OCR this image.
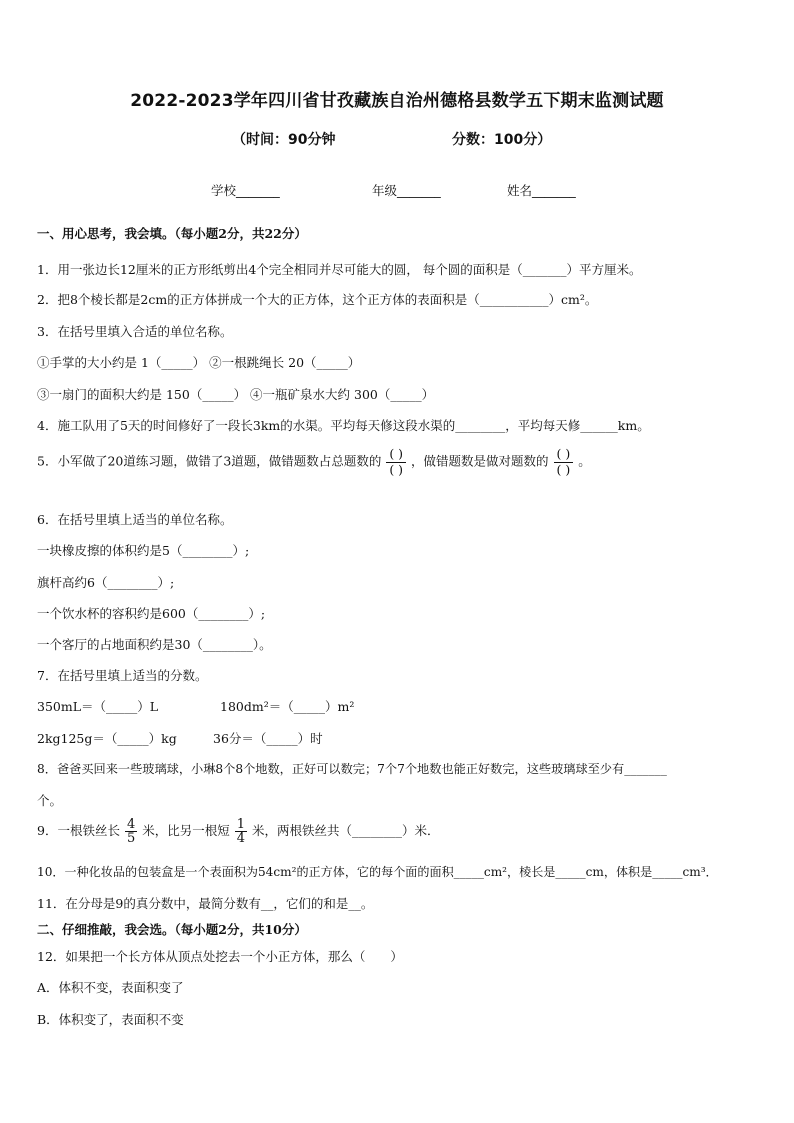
2022-2023学年四川省甘孜藏族自治州德格县数学五下期末监测试题
（时间：90分钟	分数：100分）
学校_______	年级_______	姓名_______
一、用心思考，我会填。（每小题2分，共22分）
1．用一张边长12厘米的正方形纸剪出4个完全相同并尽可能大的圆， 每个圆的面积是（_______）平方厘米。
2．把8个棱长都是2cm的正方体拼成一个大的正方体，这个正方体的表面积是（___________）cm²。
3．在括号里填入合适的单位名称。
①手掌的大小约是 1（_____） ②一根跳绳长 20（_____）
③一扇门的面积大约是 150（_____） ④一瓶矿泉水大约 300（_____）
4．施工队用了5天的时间修好了一段长3km的水渠。平均每天修这段水渠的________，平均每天修______km。
5．小军做了20道练习题，做错了3道题，做错题数占总题数的 $\frac{( )}{( )}$ ，做错题数是做对题数的 $\frac{( )}{( )}$ 。
6．在括号里填上适当的单位名称。
一块橡皮擦的体积约是5（________）;
旗杆高约6（________）;
一个饮水杯的容积约是600（________）;
一个客厅的占地面积约是30（________）。
7．在括号里填上适当的分数。
350mL＝（_____）L	180dm²＝（_____）m²
2kg125g＝（_____）kg	36分＝（_____）时
8．爸爸买回来一些玻璃球，小琳8个8个地数，正好可以数完；7个7个地数也能正好数完，这些玻璃球至少有_______
个。
9．一根铁丝长 $\frac{4}{5}$ 米，比另一根短 $\frac{1}{4}$ 米，两根铁丝共（________）米．
10．一种化妆品的包装盒是一个表面积为54cm²的正方体，它的每个面的面积_____cm²，棱长是_____cm，体积是_____cm³．
11．在分母是9的真分数中，最简分数有__，它们的和是__。
二、仔细推敲，我会选。（每小题2分，共10分）
12．如果把一个长方体从顶点处挖去一个小正方体，那么（　　）
A．体积不变，表面积变了
B．体积变了，表面积不变
